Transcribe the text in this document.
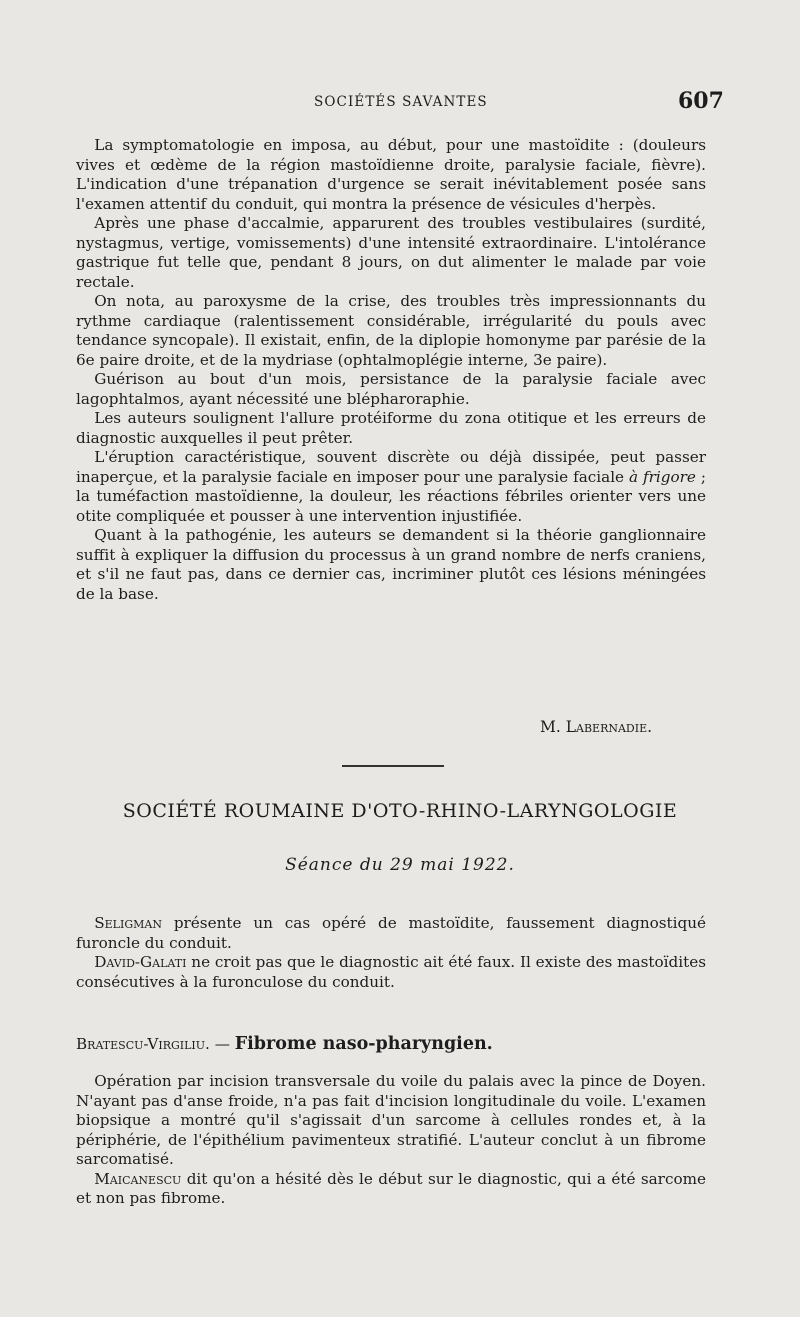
SOCIÉTÉS SAVANTES	607

La symptomatologie en imposa, au début, pour une mastoïdite : (douleurs vives et œdème de la région mastoïdienne droite, paralysie faciale, fièvre). L'indication d'une trépanation d'urgence se serait inévitablement posée sans l'examen attentif du conduit, qui montra la présence de vésicules d'herpès.

Après une phase d'accalmie, apparurent des troubles vestibulaires (surdité, nystagmus, vertige, vomissements) d'une intensité extraordinaire. L'intolérance gastrique fut telle que, pendant 8 jours, on dut alimenter le malade par voie rectale.

On nota, au paroxysme de la crise, des troubles très impressionnants du rythme cardiaque (ralentissement considérable, irrégularité du pouls avec tendance syncopale). Il existait, enfin, de la diplopie homonyme par parésie de la 6e paire droite, et de la mydriase (ophtalmoplégie interne, 3e paire).

Guérison au bout d'un mois, persistance de la paralysie faciale avec lagophtalmos, ayant nécessité une blépharoraphie.

Les auteurs soulignent l'allure protéiforme du zona otitique et les erreurs de diagnostic auxquelles il peut prêter.

L'éruption caractéristique, souvent discrète ou déjà dissipée, peut passer inaperçue, et la paralysie faciale en imposer pour une paralysie faciale à frigore ; la tuméfaction mastoïdienne, la douleur, les réactions fébriles orienter vers une otite compliquée et pousser à une intervention injustifiée.

Quant à la pathogénie, les auteurs se demandent si la théorie ganglionnaire suffit à expliquer la diffusion du processus à un grand nombre de nerfs craniens, et s'il ne faut pas, dans ce dernier cas, incriminer plutôt ces lésions méningées de la base.

M. Labernadie.
SOCIÉTÉ ROUMAINE D'OTO-RHINO-LARYNGOLOGIE
Séance du 29 mai 1922.

Seligman présente un cas opéré de mastoïdite, faussement diagnostiqué furoncle du conduit.

David-Galati ne croit pas que le diagnostic ait été faux. Il existe des mastoïdites consécutives à la furonculose du conduit.

Bratescu-Virgiliu. — Fibrome naso-pharyngien.

Opération par incision transversale du voile du palais avec la pince de Doyen. N'ayant pas d'anse froide, n'a pas fait d'incision longitudinale du voile. L'examen biopsique a montré qu'il s'agissait d'un sarcome à cellules rondes et, à la périphérie, de l'épithélium pavimenteux stratifié. L'auteur conclut à un fibrome sarcomatisé.

Maicanescu dit qu'on a hésité dès le début sur le diagnostic, qui a été sarcome et non pas fibrome.
